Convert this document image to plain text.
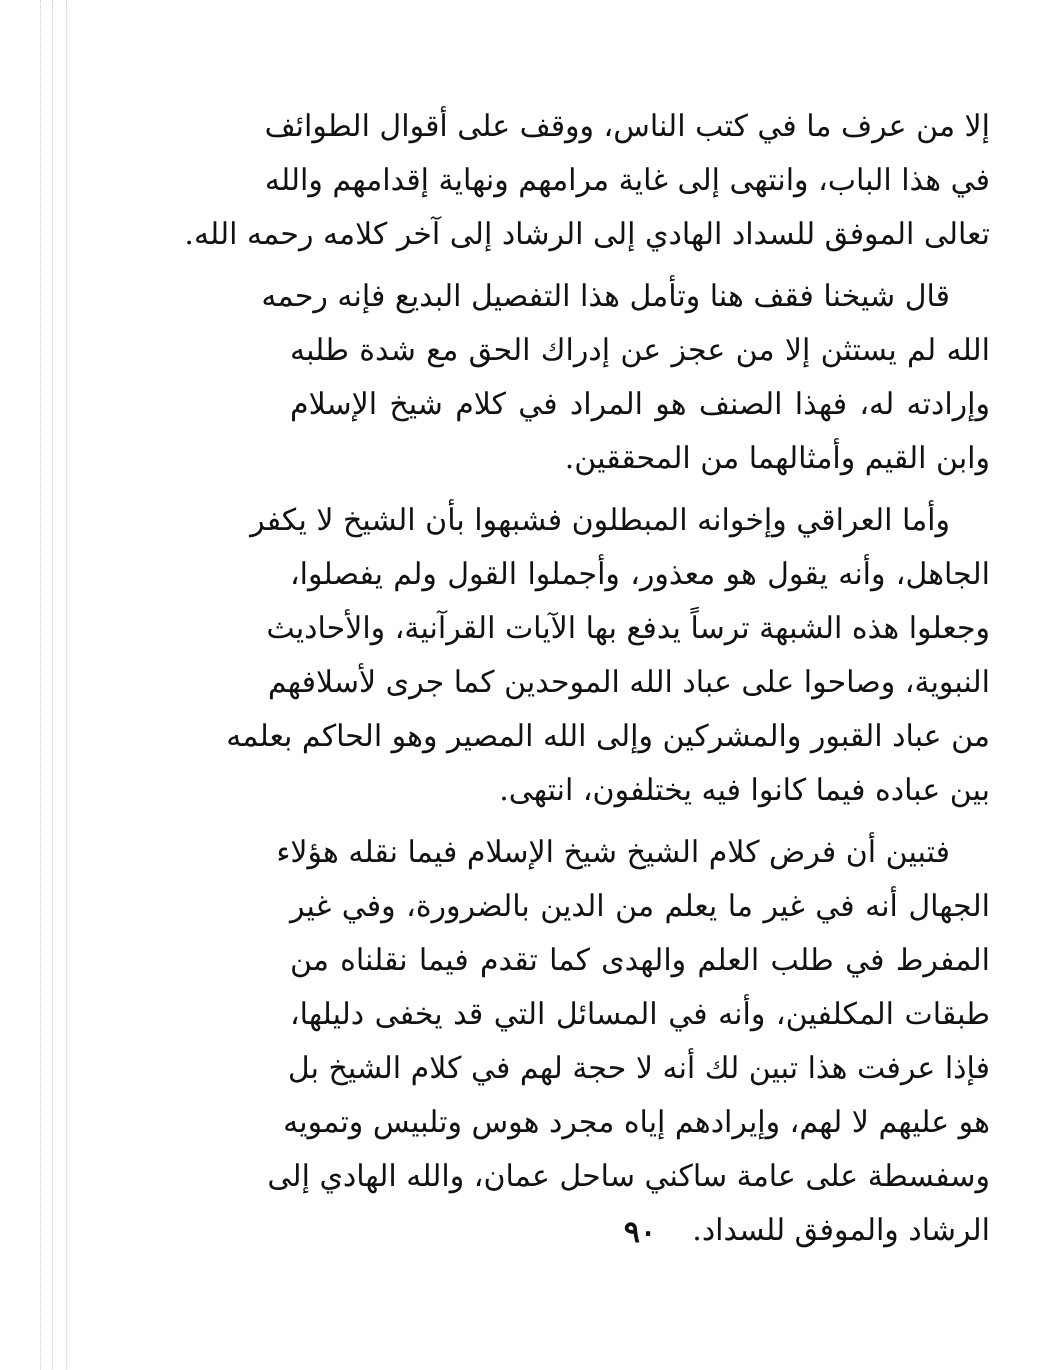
إلا من عرف ما في كتب الناس، ووقف على أقوال الطوائف
في هذا الباب، وانتهى إلى غاية مرامهم ونهاية إقدامهم والله
تعالى الموفق للسداد الهادي إلى الرشاد إلى آخر كلامه رحمه الله.

قال شيخنا فقف هنا وتأمل هذا التفصيل البديع فإنه رحمه
الله لم يستثن إلا من عجز عن إدراك الحق مع شدة طلبه
وإرادته له، فهذا الصنف هو المراد في كلام شيخ الإسلام
وابن القيم وأمثالهما من المحققين.

وأما العراقي وإخوانه المبطلون فشبهوا بأن الشيخ لا يكفر
الجاهل، وأنه يقول هو معذور، وأجملوا القول ولم يفصلوا،
وجعلوا هذه الشبهة ترساً يدفع بها الآيات القرآنية، والأحاديث
النبوية، وصاحوا على عباد الله الموحدين كما جرى لأسلافهم
من عباد القبور والمشركين وإلى الله المصير وهو الحاكم بعلمه
بين عباده فيما كانوا فيه يختلفون، انتهى.

فتبين أن فرض كلام الشيخ شيخ الإسلام فيما نقله هؤلاء
الجهال أنه في غير ما يعلم من الدين بالضرورة، وفي غير
المفرط في طلب العلم والهدى كما تقدم فيما نقلناه من
طبقات المكلفين، وأنه في المسائل التي قد يخفى دليلها،
فإذا عرفت هذا تبين لك أنه لا حجة لهم في كلام الشيخ بل
هو عليهم لا لهم، وإيرادهم إياه مجرد هوس وتلبيس وتمويه
وسفسطة على عامة ساكني ساحل عمان، والله الهادي إلى
الرشاد والموفق للسداد.

٩٠
